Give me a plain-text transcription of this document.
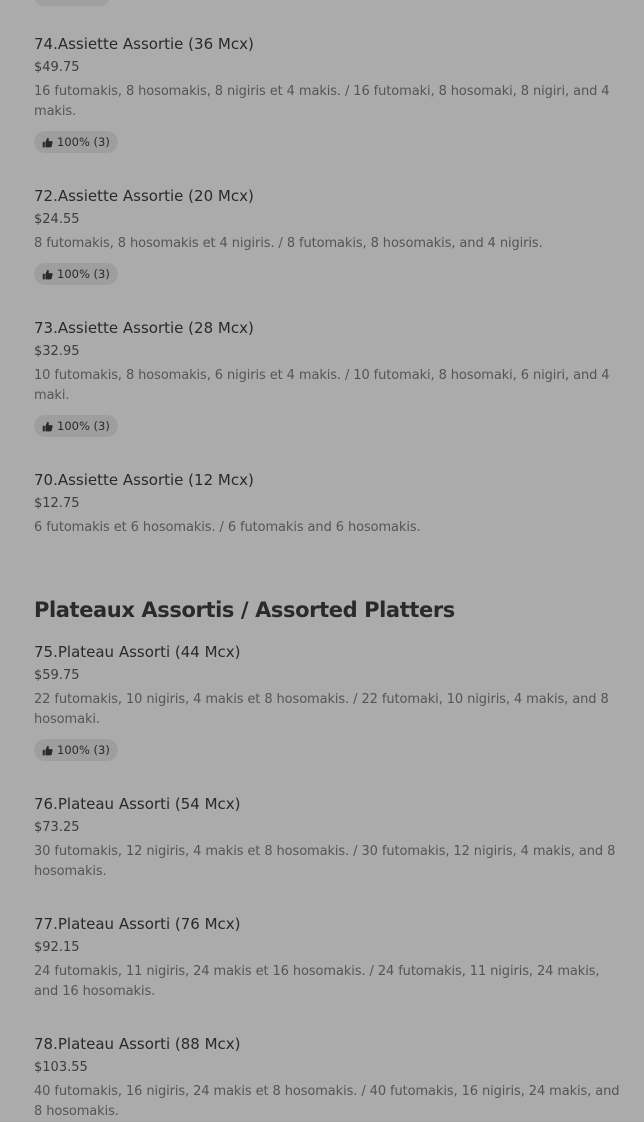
74.Assiette Assortie (36 Mcx)
$49.75
16 futomakis, 8 hosomakis, 8 nigiris et 4 makis. / 16 futomaki, 8 hosomaki, 8 nigiri, and 4 makis.
100% (3)
72.Assiette Assortie (20 Mcx)
$24.55
8 futomakis, 8 hosomakis et 4 nigiris. / 8 futomakis, 8 hosomakis, and 4 nigiris.
100% (3)
73.Assiette Assortie (28 Mcx)
$32.95
10 futomakis, 8 hosomakis, 6 nigiris et 4 makis. / 10 futomaki, 8 hosomaki, 6 nigiri, and 4 maki.
100% (3)
70.Assiette Assortie (12 Mcx)
$12.75
6 futomakis et 6 hosomakis. / 6 futomakis and 6 hosomakis.
Plateaux Assortis / Assorted Platters
75.Plateau Assorti (44 Mcx)
$59.75
22 futomakis, 10 nigiris, 4 makis et 8 hosomakis. / 22 futomaki, 10 nigiris, 4 makis, and 8 hosomaki.
100% (3)
76.Plateau Assorti (54 Mcx)
$73.25
30 futomakis, 12 nigiris, 4 makis et 8 hosomakis. / 30 futomakis, 12 nigiris, 4 makis, and 8 hosomakis.
77.Plateau Assorti (76 Mcx)
$92.15
24 futomakis, 11 nigiris, 24 makis et 16 hosomakis. / 24 futomakis, 11 nigiris, 24 makis, and 16 hosomakis.
78.Plateau Assorti (88 Mcx)
$103.55
40 futomakis, 16 nigiris, 24 makis et 8 hosomakis. / 40 futomakis, 16 nigiris, 24 makis, and 8 hosomakis.
